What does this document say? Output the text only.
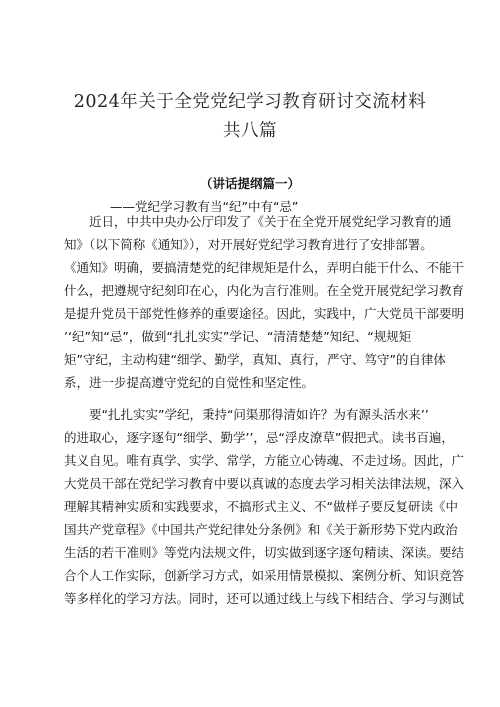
2024年关于全党党纪学习教育研讨交流材料
共八篇
（讲话提纲篇一）
——党纪学习教有当“纪”中有“忌”
　　近日，中共中央办公厅印发了《关于在全党开展党纪学习教育的通
知》（以下简称《通知》），对开展好党纪学习教育进行了安排部署。
《通知》明确，要搞清楚党的纪律规矩是什么，弄明白能干什么、不能干
什么，把遵规守纪刻印在心，内化为言行准则。在全党开展党纪学习教育
是提升党员干部党性修养的重要途径。因此，实践中，广大党员干部要明
’‘纪”知“忌”，做到“扎扎实实”学记、“清清楚楚”知纪、“规规矩
矩”守纪，主动构建“细学、勤学，真知、真行，严守、笃守”的自律体
系，进一步提高遵守党纪的自觉性和坚定性。
　　要“扎扎实实”学纪，秉持“问渠那得清如许？为有源头活水来’’
的进取心，逐字逐句“细学、勤学’’，忌“浮皮潦草”假把式。读书百遍，
其义自见。唯有真学、实学、常学，方能立心铸魂、不走过场。因此，广
大党员干部在党纪学习教育中要以真诚的态度去学习相关法律法规，深入
理解其精神实质和实践要求，不搞形式主义、不“做样子要反复研读《中
国共产党章程》《中国共产党纪律处分条例》和《关于新形势下党内政治
生活的若干准则》等党内法规文件，切实做到逐字逐句精读、深读。要结
合个人工作实际，创新学习方式，如采用情景模拟、案例分析、知识竞答
等多样化的学习方法。同时，还可以通过线上与线下相结合、学习与测试
